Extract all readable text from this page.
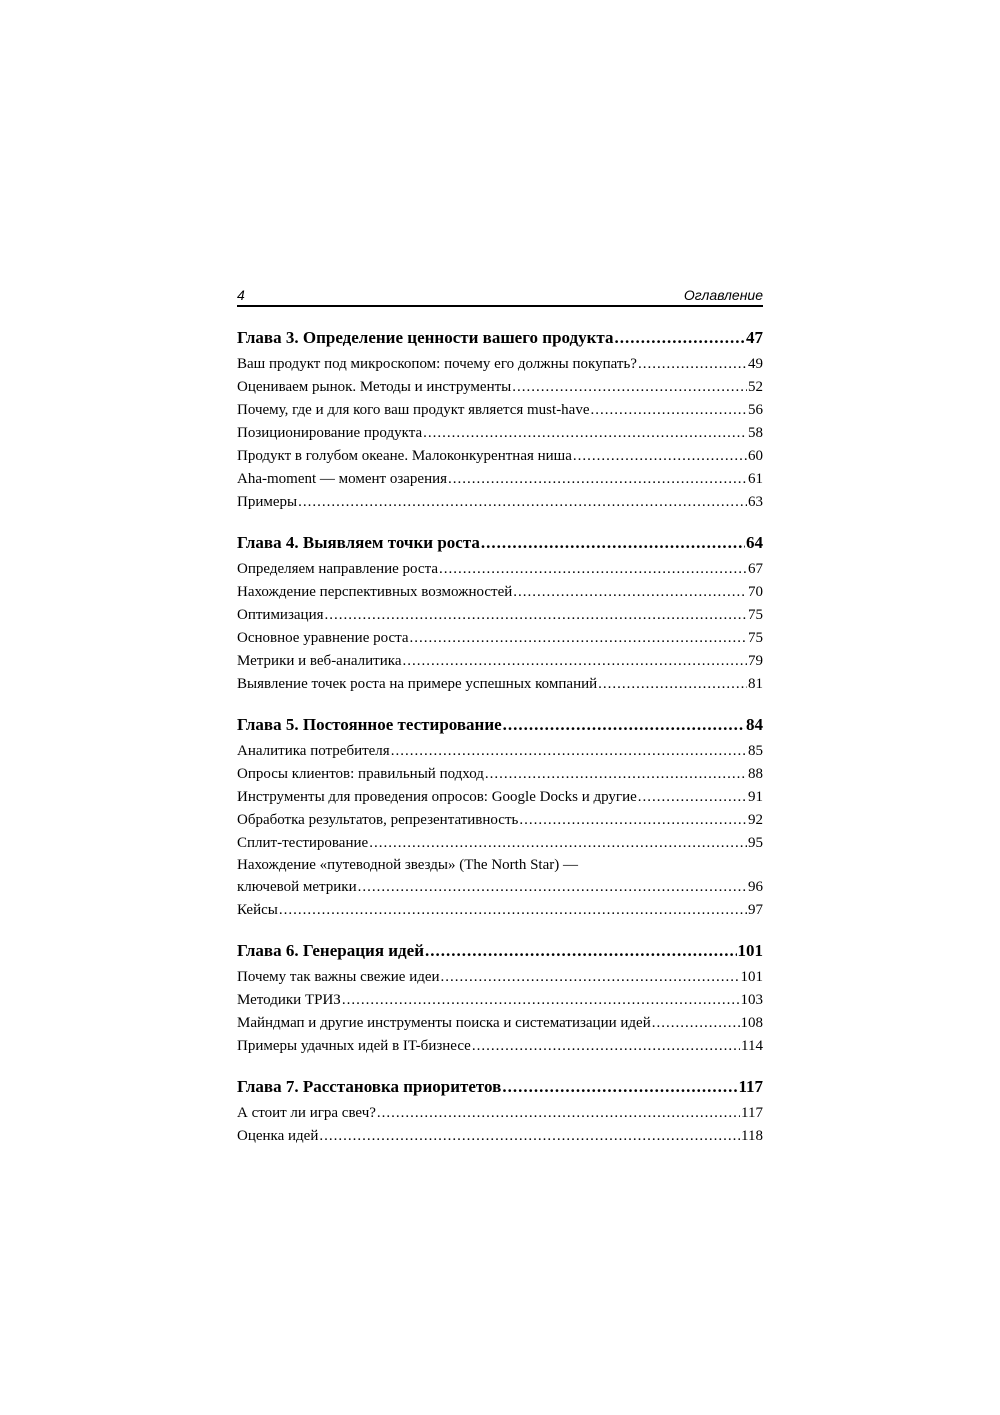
4	Оглавление
Глава 3. Определение ценности вашего продукта .....	47
Ваш продукт под микроскопом: почему его должны покупать? .....	49
Оцениваем рынок. Методы и инструменты .....	52
Почему, где и для кого ваш продукт является must-have .....	56
Позиционирование продукта .....	58
Продукт в голубом океане. Малоконкурентная ниша .....	60
Aha-moment — момент озарения .....	61
Примеры .....	63
Глава 4. Выявляем точки роста .....	64
Определяем направление роста .....	67
Нахождение перспективных возможностей .....	70
Оптимизация .....	75
Основное уравнение роста .....	75
Метрики и веб-аналитика .....	79
Выявление точек роста на примере успешных компаний .....	81
Глава 5. Постоянное тестирование .....	84
Аналитика потребителя .....	85
Опросы клиентов: правильный подход .....	88
Инструменты для проведения опросов: Google Docks и другие .....	91
Обработка результатов, репрезентативность .....	92
Сплит-тестирование .....	95
Нахождение «путеводной звезды» (The North Star) —
ключевой метрики .....	96
Кейсы .....	97
Глава 6. Генерация идей .....	101
Почему так важны свежие идеи .....	101
Методики ТРИЗ .....	103
Майндмап и другие инструменты поиска и систематизации идей .....	108
Примеры удачных идей в IT-бизнесе .....	114
Глава 7. Расстановка приоритетов .....	117
А стоит ли игра свеч? .....	117
Оценка идей .....	118
